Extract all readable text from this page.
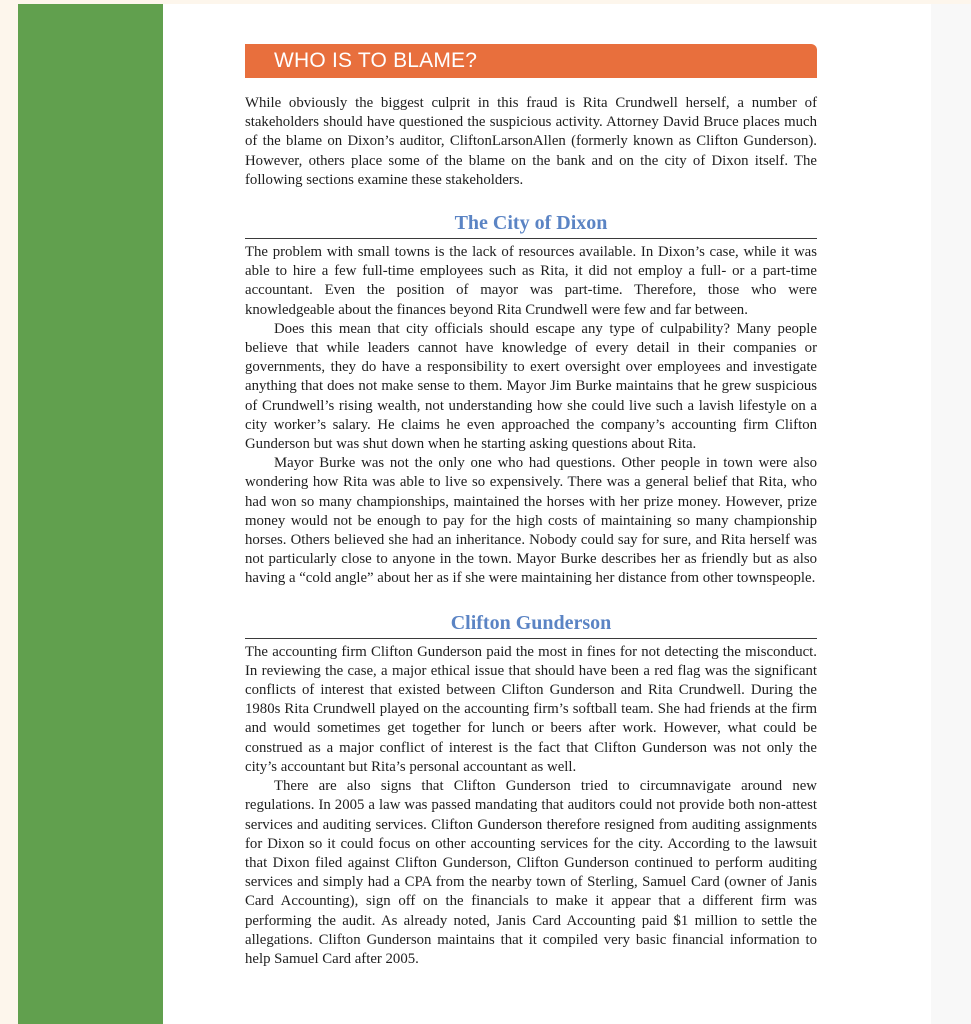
WHO IS TO BLAME?

While obviously the biggest culprit in this fraud is Rita Crundwell herself, a number of stakeholders should have questioned the suspicious activity. Attorney David Bruce places much of the blame on Dixon’s auditor, CliftonLarsonAllen (formerly known as Clifton Gunderson). However, others place some of the blame on the bank and on the city of Dixon itself. The following sections examine these stakeholders.

The City of Dixon

The problem with small towns is the lack of resources available. In Dixon’s case, while it was able to hire a few full-time employees such as Rita, it did not employ a full- or a part-time accountant. Even the position of mayor was part-time. Therefore, those who were knowledgeable about the finances beyond Rita Crundwell were few and far between.

Does this mean that city officials should escape any type of culpability? Many people believe that while leaders cannot have knowledge of every detail in their companies or governments, they do have a responsibility to exert oversight over employees and investigate anything that does not make sense to them. Mayor Jim Burke maintains that he grew suspicious of Crundwell’s rising wealth, not understanding how she could live such a lavish lifestyle on a city worker’s salary. He claims he even approached the company’s accounting firm Clifton Gunderson but was shut down when he starting asking questions about Rita.

Mayor Burke was not the only one who had questions. Other people in town were also wondering how Rita was able to live so expensively. There was a general belief that Rita, who had won so many championships, maintained the horses with her prize money. However, prize money would not be enough to pay for the high costs of maintaining so many championship horses. Others believed she had an inheritance. Nobody could say for sure, and Rita herself was not particularly close to anyone in the town. Mayor Burke describes her as friendly but as also having a “cold angle” about her as if she were maintaining her distance from other townspeople.

Clifton Gunderson

The accounting firm Clifton Gunderson paid the most in fines for not detecting the misconduct. In reviewing the case, a major ethical issue that should have been a red flag was the significant conflicts of interest that existed between Clifton Gunderson and Rita Crundwell. During the 1980s Rita Crundwell played on the accounting firm’s softball team. She had friends at the firm and would sometimes get together for lunch or beers after work. However, what could be construed as a major conflict of interest is the fact that Clifton Gunderson was not only the city’s accountant but Rita’s personal accountant as well.

There are also signs that Clifton Gunderson tried to circumnavigate around new regulations. In 2005 a law was passed mandating that auditors could not provide both non-attest services and auditing services. Clifton Gunderson therefore resigned from auditing assignments for Dixon so it could focus on other accounting services for the city. According to the lawsuit that Dixon filed against Clifton Gunderson, Clifton Gunderson continued to perform auditing services and simply had a CPA from the nearby town of Sterling, Samuel Card (owner of Janis Card Accounting), sign off on the financials to make it appear that a different firm was performing the audit. As already noted, Janis Card Accounting paid $1 million to settle the allegations. Clifton Gunderson maintains that it compiled very basic financial information to help Samuel Card after 2005.
